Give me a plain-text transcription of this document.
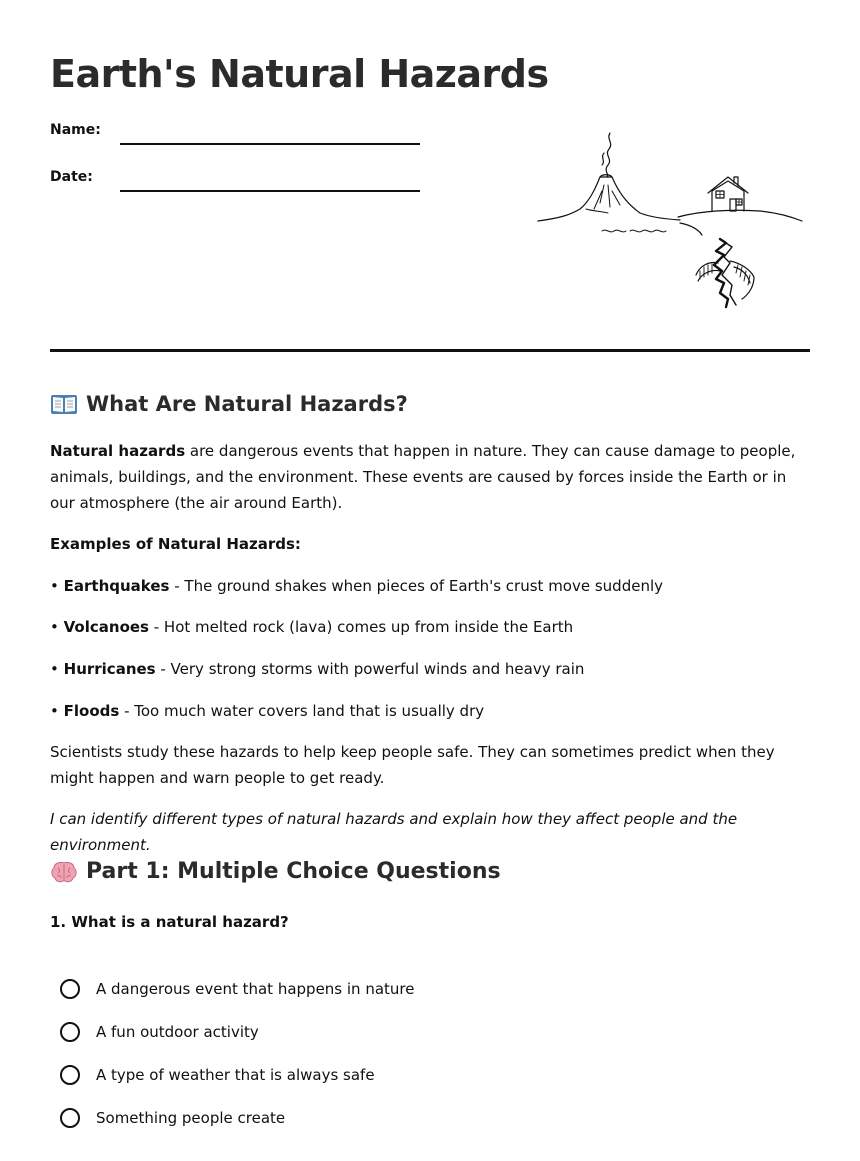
Earth's Natural Hazards
Name:
Date:
What Are Natural Hazards?

Natural hazards are dangerous events that happen in nature. They can cause damage to people, animals, buildings, and the environment. These events are caused by forces inside the Earth or in our atmosphere (the air around Earth).

Examples of Natural Hazards:

• Earthquakes - The ground shakes when pieces of Earth's crust move suddenly

• Volcanoes - Hot melted rock (lava) comes up from inside the Earth

• Hurricanes - Very strong storms with powerful winds and heavy rain

• Floods - Too much water covers land that is usually dry

Scientists study these hazards to help keep people safe. They can sometimes predict when they might happen and warn people to get ready.

I can identify different types of natural hazards and explain how they affect people and the environment.

Part 1: Multiple Choice Questions

1. What is a natural hazard?

A dangerous event that happens in nature
A fun outdoor activity
A type of weather that is always safe
Something people create
